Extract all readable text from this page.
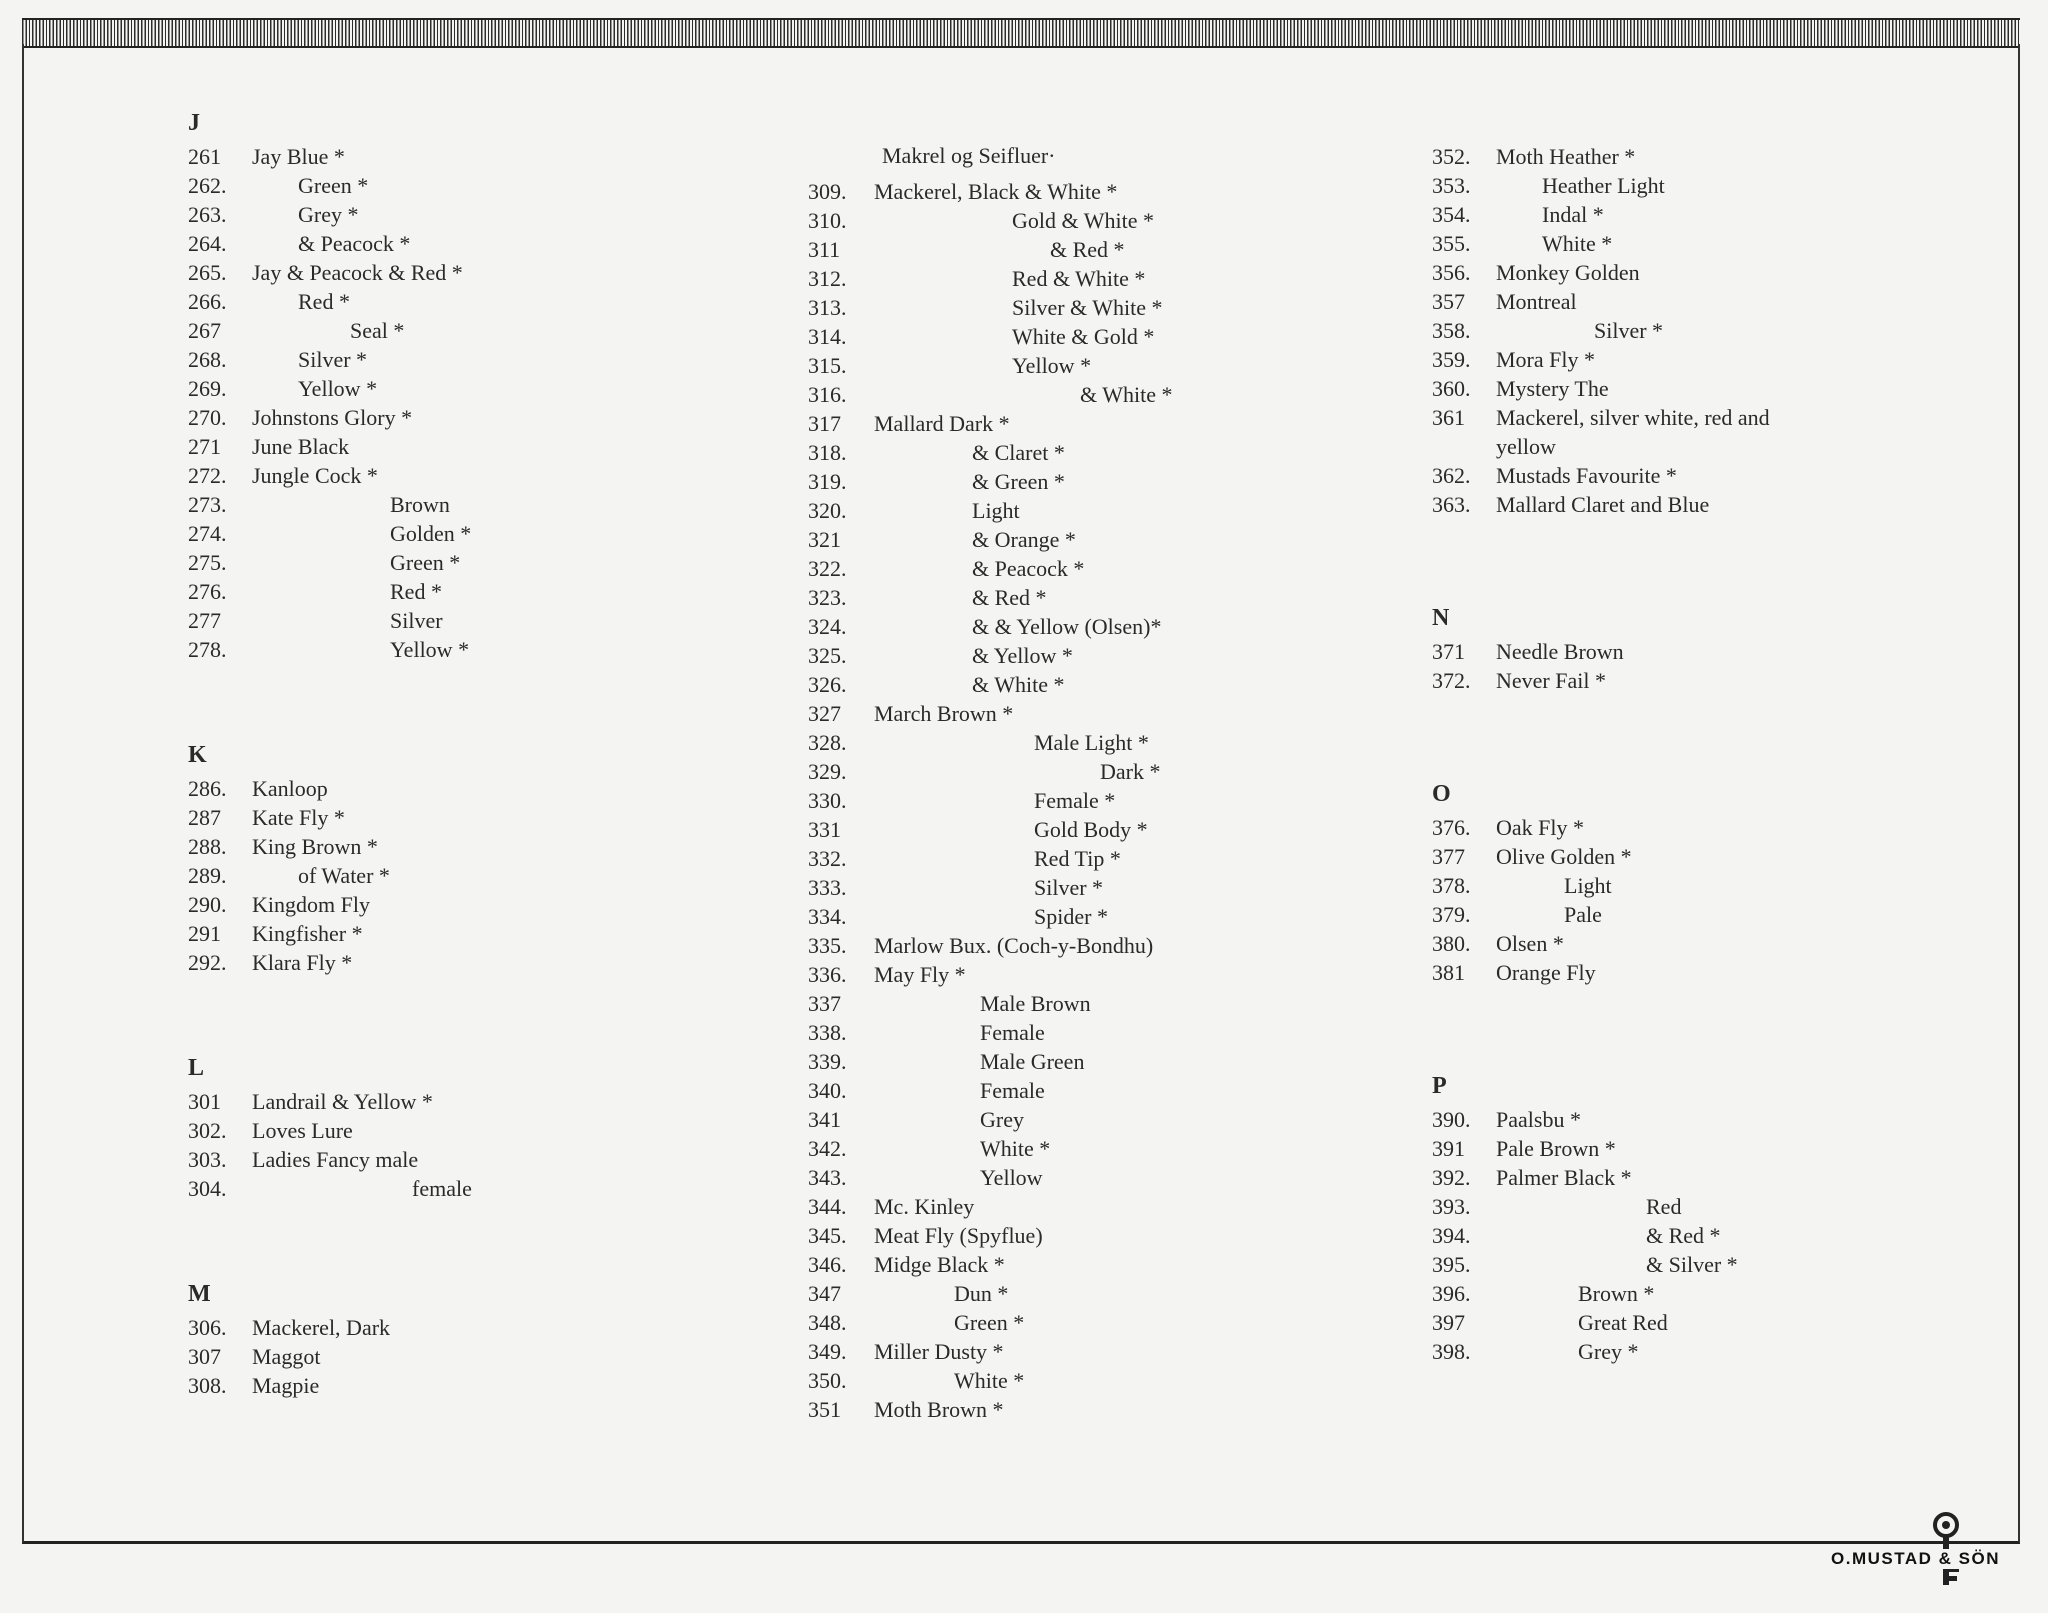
J
261 Jay Blue *
262.	Green *
263.	Grey *
264.	& Peacock *
265. Jay & Peacock & Red *
266.	Red *
267	Seal *
268.	Silver *
269.	Yellow *
270. Johnstons Glory *
271 June Black
272. Jungle Cock *
273.	Brown
274.	Golden *
275.	Green *
276.	Red *
277	Silver
278.	Yellow *
K
286. Kanloop
287 Kate Fly *
288. King Brown *
289.	of Water *
290. Kingdom Fly
291 Kingfisher *
292. Klara Fly *
L
301 Landrail & Yellow *
302. Loves Lure
303. Ladies Fancy male
304.	female
M
306. Mackerel, Dark
307 Maggot
308. Magpie
Makrel og Seifluer·
309. Mackerel, Black & White *
310.	Gold & White *
311	& Red *
312.	Red & White *
313.	Silver & White *
314.	White & Gold *
315.	Yellow *
316.	& White *
317 Mallard Dark *
318.	& Claret *
319.	& Green *
320.	Light
321	& Orange *
322.	& Peacock *
323.	& Red *
324.	& & Yellow (Olsen)*
325.	& Yellow *
326.	& White *
327 March Brown *
328.	Male Light *
329.	Dark *
330.	Female *
331	Gold Body *
332.	Red Tip *
333.	Silver *
334.	Spider *
335. Marlow Bux. (Coch-y-Bondhu)
336. May Fly *
337	Male Brown
338.	Female
339.	Male Green
340.	Female
341	Grey
342.	White *
343.	Yellow
344. Mc. Kinley
345. Meat Fly (Spyflue)
346. Midge Black *
347	Dun *
348.	Green *
349. Miller Dusty *
350.	White *
351 Moth Brown *
352. Moth Heather *
353.	Heather Light
354.	Indal *
355.	White *
356. Monkey Golden
357 Montreal
358.	Silver *
359. Mora Fly *
360. Mystery The
361 Mackerel, silver white, red and
yellow
362. Mustads Favourite *
363. Mallard Claret and Blue
N
371 Needle Brown
372. Never Fail *
O
376. Oak Fly *
377 Olive Golden *
378.	Light
379.	Pale
380. Olsen *
381 Orange Fly
P
390. Paalsbu *
391 Pale Brown *
392. Palmer Black *
393.	Red
394.	& Red *
395.	& Silver *
396.	Brown *
397	Great Red
398.	Grey *
O.MUSTAD & SÖN
